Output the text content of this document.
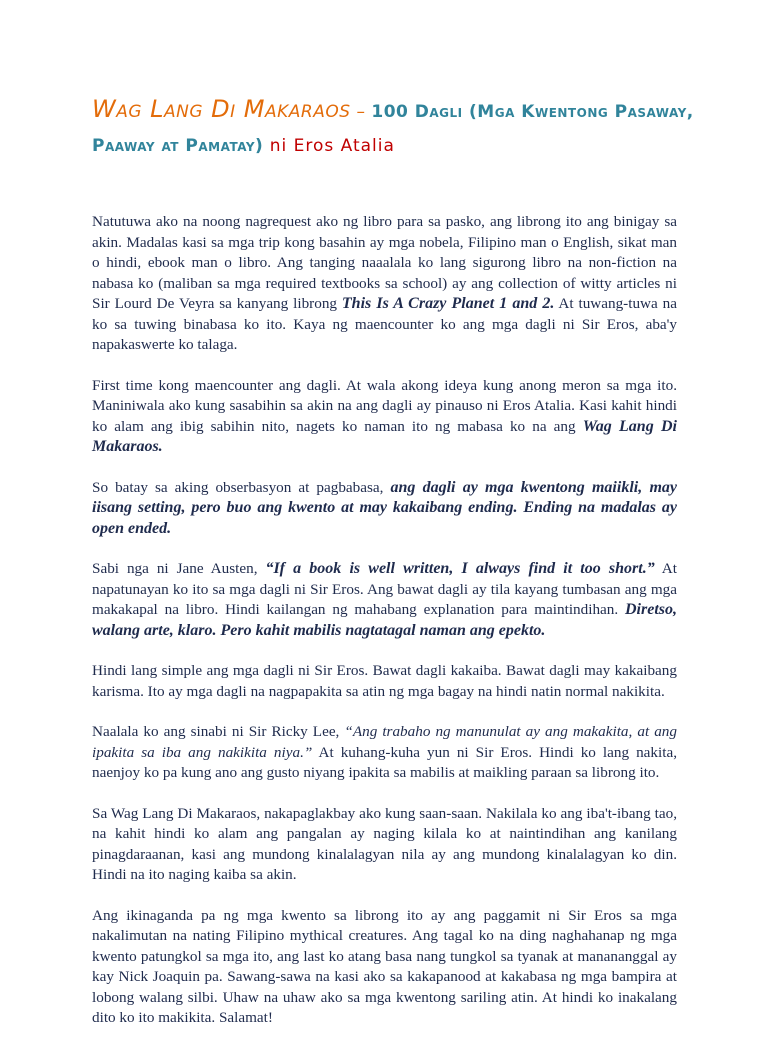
Wag Lang Di Makaraos – 100 Dagli (Mga Kwentong Pasaway, Paaway at Pamatay) ni Eros Atalia

Natutuwa ako na noong nagrequest ako ng libro para sa pasko, ang librong ito ang binigay sa akin. Madalas kasi sa mga trip kong basahin ay mga nobela, Filipino man o English, sikat man o hindi, ebook man o libro. Ang tanging naaalala ko lang sigurong libro na non-fiction na nabasa ko (maliban sa mga required textbooks sa school) ay ang collection of witty articles ni Sir Lourd De Veyra sa kanyang librong This Is A Crazy Planet 1 and 2. At tuwang-tuwa na ko sa tuwing binabasa ko ito. Kaya ng maencounter ko ang mga dagli ni Sir Eros, aba'y napakaswerte ko talaga.

First time kong maencounter ang dagli. At wala akong ideya kung anong meron sa mga ito. Maniniwala ako kung sasabihin sa akin na ang dagli ay pinauso ni Eros Atalia. Kasi kahit hindi ko alam ang ibig sabihin nito, nagets ko naman ito ng mabasa ko na ang Wag Lang Di Makaraos.

So batay sa aking obserbasyon at pagbabasa, ang dagli ay mga kwentong maiikli, may iisang setting, pero buo ang kwento at may kakaibang ending. Ending na madalas ay open ended.

Sabi nga ni Jane Austen, “If a book is well written, I always find it too short.” At napatunayan ko ito sa mga dagli ni Sir Eros. Ang bawat dagli ay tila kayang tumbasan ang mga makakapal na libro. Hindi kailangan ng mahabang explanation para maintindihan. Diretso, walang arte, klaro. Pero kahit mabilis nagtatagal naman ang epekto.

Hindi lang simple ang mga dagli ni Sir Eros. Bawat dagli kakaiba. Bawat dagli may kakaibang karisma. Ito ay mga dagli na nagpapakita sa atin ng mga bagay na hindi natin normal nakikita.

Naalala ko ang sinabi ni Sir Ricky Lee, “Ang trabaho ng manunulat ay ang makakita, at ang ipakita sa iba ang nakikita niya.” At kuhang-kuha yun ni Sir Eros. Hindi ko lang nakita, naenjoy ko pa kung ano ang gusto niyang ipakita sa mabilis at maikling paraan sa librong ito.

Sa Wag Lang Di Makaraos, nakapaglakbay ako kung saan-saan. Nakilala ko ang iba't-ibang tao, na kahit hindi ko alam ang pangalan ay naging kilala ko at naintindihan ang kanilang pinagdaraanan, kasi ang mundong kinalalagyan nila ay ang mundong kinalalagyan ko din. Hindi na ito naging kaiba sa akin.

Ang ikinaganda pa ng mga kwento sa librong ito ay ang paggamit ni Sir Eros sa mga nakalimutan na nating Filipino mythical creatures. Ang tagal ko na ding naghahanap ng mga kwento patungkol sa mga ito, ang last ko atang basa nang tungkol sa tyanak at manananggal ay kay Nick Joaquin pa. Sawang-sawa na kasi ako sa kakapanood at kakabasa ng mga bampira at lobong walang silbi. Uhaw na uhaw ako sa mga kwentong sariling atin. At hindi ko inakalang dito ko ito makikita. Salamat!
